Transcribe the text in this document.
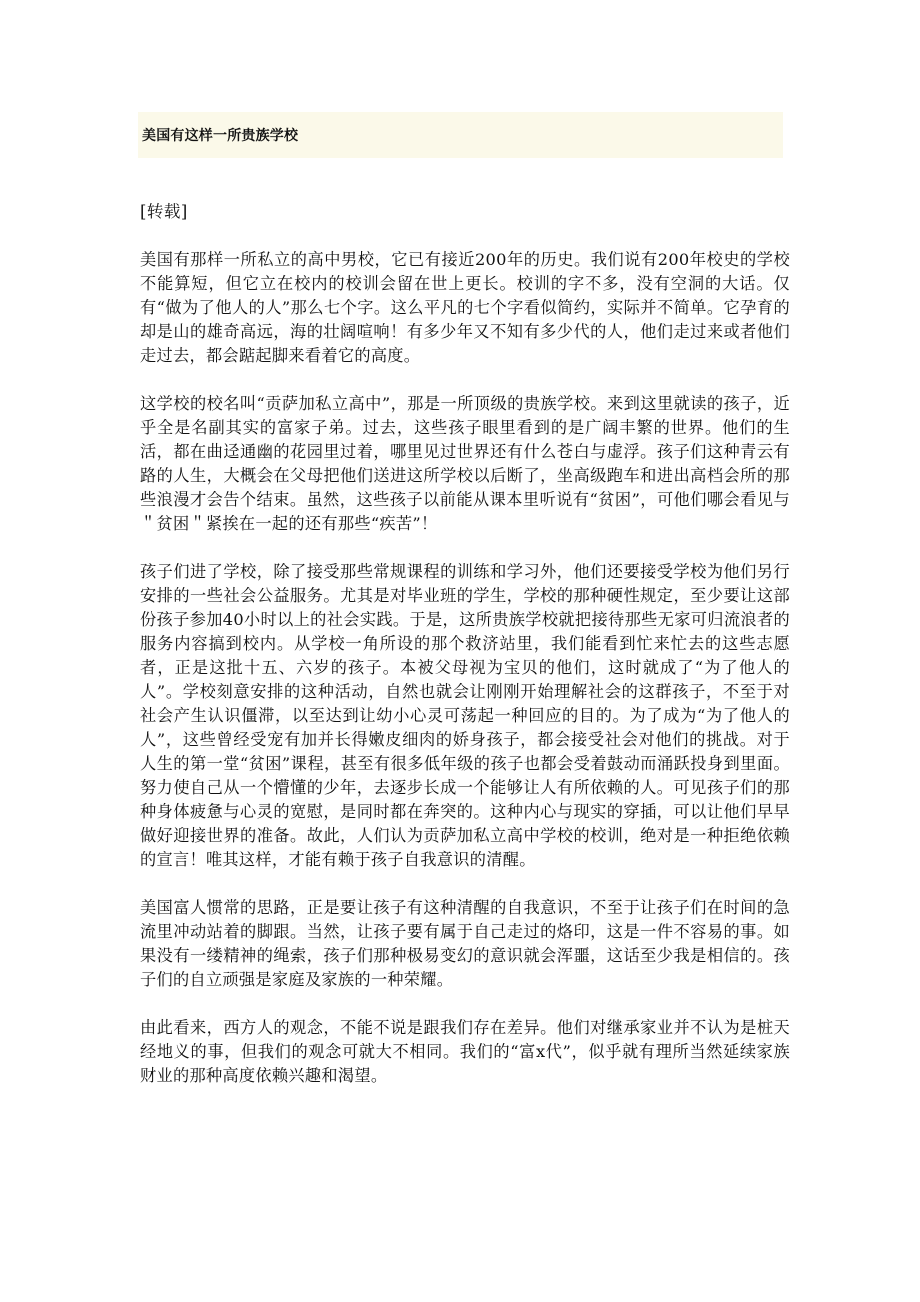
美国有这样一所贵族学校

[转载]

美国有那样一所私立的高中男校，它已有接近200年的历史。我们说有200年校史的学校不能算短，但它立在校内的校训会留在世上更长。校训的字不多，没有空洞的大话。仅有“做为了他人的人”那么七个字。这么平凡的七个字看似简约，实际并不简单。它孕育的却是山的雄奇高远，海的壮阔喧响！有多少年又不知有多少代的人，他们走过来或者他们走过去，都会踮起脚来看着它的高度。

这学校的校名叫“贡萨加私立高中”，那是一所顶级的贵族学校。来到这里就读的孩子，近乎全是名副其实的富家子弟。过去，这些孩子眼里看到的是广阔丰繁的世界。他们的生活，都在曲迳通幽的花园里过着，哪里见过世界还有什么苍白与虚浮。孩子们这种青云有路的人生，大概会在父母把他们送进这所学校以后断了，坐高级跑车和进出高档会所的那些浪漫才会告个结束。虽然，这些孩子以前能从课本里听说有“贫困”，可他们哪会看见与＂贫困＂紧挨在一起的还有那些“疾苦”！

孩子们进了学校，除了接受那些常规课程的训练和学习外，他们还要接受学校为他们另行安排的一些社会公益服务。尤其是对毕业班的学生，学校的那种硬性规定，至少要让这部份孩子参加40小时以上的社会实践。于是，这所贵族学校就把接待那些无家可归流浪者的服务内容搞到校内。从学校一角所设的那个救济站里，我们能看到忙来忙去的这些志愿者，正是这批十五、六岁的孩子。本被父母视为宝贝的他们，这时就成了“为了他人的人”。学校刻意安排的这种活动，自然也就会让刚刚开始理解社会的这群孩子，不至于对社会产生认识僵滞，以至达到让幼小心灵可荡起一种回应的目的。为了成为“为了他人的人”，这些曾经受宠有加并长得嫩皮细肉的娇身孩子，都会接受社会对他们的挑战。对于人生的第一堂“贫困”课程，甚至有很多低年级的孩子也都会受着鼓动而涌跃投身到里面。努力使自己从一个懵懂的少年，去逐步长成一个能够让人有所依赖的人。可见孩子们的那种身体疲惫与心灵的宽慰，是同时都在奔突的。这种内心与现实的穿插，可以让他们早早做好迎接世界的准备。故此，人们认为贡萨加私立高中学校的校训，绝对是一种拒绝依赖的宣言！唯其这样，才能有赖于孩子自我意识的清醒。

美国富人惯常的思路，正是要让孩子有这种清醒的自我意识，不至于让孩子们在时间的急流里冲动站着的脚跟。当然，让孩子要有属于自己走过的烙印，这是一件不容易的事。如果没有一缕精神的绳索，孩子们那种极易变幻的意识就会浑噩，这话至少我是相信的。孩子们的自立顽强是家庭及家族的一种荣耀。

由此看来，西方人的观念，不能不说是跟我们存在差异。他们对继承家业并不认为是桩天经地义的事，但我们的观念可就大不相同。我们的“富x代”，似乎就有理所当然延续家族财业的那种高度依赖兴趣和渴望。
